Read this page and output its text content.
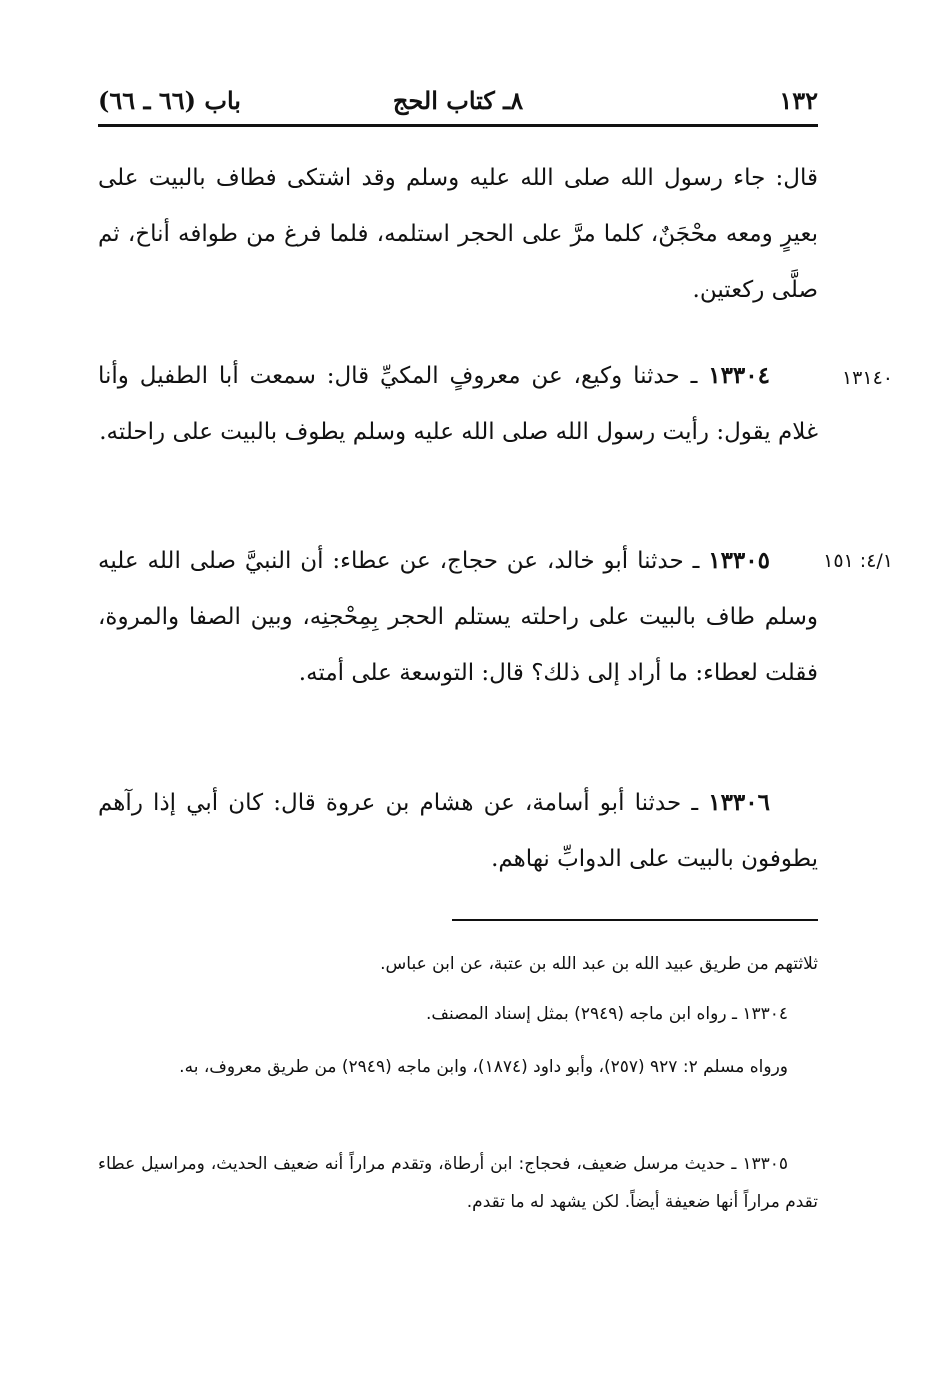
١٣٢
٨ـ كتاب الحج
باب (٦٦ ـ ٦٦)

قال: جاء رسول الله صلى الله عليه وسلم وقد اشتكى فطاف بالبيت على بعيرٍ ومعه محْجَنٌ، كلما مرَّ على الحجر استلمه، فلما فرغ من طوافه أناخ، ثم صلَّى ركعتين.

١٣١٤٠

١٣٣٠٤ ـ حدثنا وكيع، عن معروفٍ المكيِّ قال: سمعت أبا الطفيل وأنا غلام يقول: رأيت رسول الله صلى الله عليه وسلم يطوف بالبيت على راحلته.

٤/١: ١٥١

١٣٣٠٥ ـ حدثنا أبو خالد، عن حجاج، عن عطاء: أن النبيَّ صلى الله عليه وسلم طاف بالبيت على راحلته يستلم الحجر بِمِحْجنِه، وبين الصفا والمروة، فقلت لعطاء: ما أراد إلى ذلك؟ قال: التوسعة على أمته.

١٣٣٠٦ ـ حدثنا أبو أسامة، عن هشام بن عروة قال: كان أبي إذا رآهم يطوفون بالبيت على الدوابِّ نهاهم.

ثلاثتهم من طريق عبيد الله بن عبد الله بن عتبة، عن ابن عباس.

١٣٣٠٤ ـ رواه ابن ماجه (٢٩٤٩) بمثل إسناد المصنف.

ورواه مسلم ٢: ٩٢٧ (٢٥٧)، وأبو داود (١٨٧٤)، وابن ماجه (٢٩٤٩) من طريق معروف، به.

١٣٣٠٥ ـ حديث مرسل ضعيف، فحجاج: ابن أرطاة، وتقدم مراراً أنه ضعيف الحديث، ومراسيل عطاء تقدم مراراً أنها ضعيفة أيضاً. لكن يشهد له ما تقدم.
